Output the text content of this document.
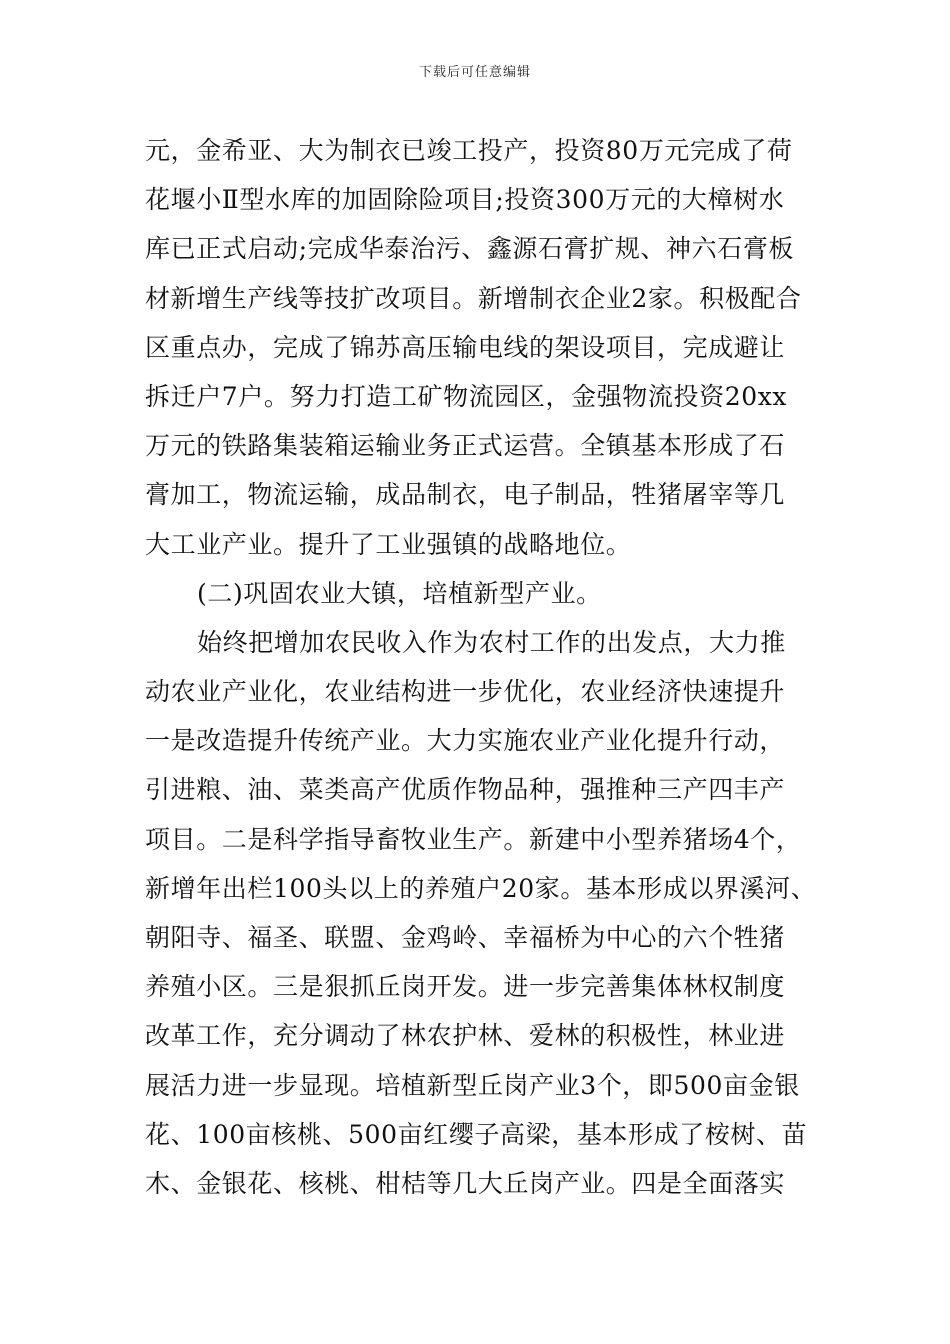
下载后可任意编辑
元，金希亚、大为制衣已竣工投产，投资80万元完成了荷
花堰小Ⅱ型水库的加固除险项目;投资300万元的大樟树水
库已正式启动;完成华泰治污、鑫源石膏扩规、神六石膏板
材新增生产线等技扩改项目。新增制衣企业2家。积极配合
区重点办，完成了锦苏高压输电线的架设项目，完成避让
拆迁户7户。努力打造工矿物流园区，金强物流投资20xx
万元的铁路集装箱运输业务正式运营。全镇基本形成了石
膏加工，物流运输，成品制衣，电子制品，牲猪屠宰等几
大工业产业。提升了工业强镇的战略地位。
(二)巩固农业大镇，培植新型产业。
始终把增加农民收入作为农村工作的出发点，大力推
动农业产业化，农业结构进一步优化，农业经济快速提升
一是改造提升传统产业。大力实施农业产业化提升行动，
引进粮、油、菜类高产优质作物品种，强推种三产四丰产
项目。二是科学指导畜牧业生产。新建中小型养猪场4个，
新增年出栏100头以上的养殖户20家。基本形成以界溪河、
朝阳寺、福圣、联盟、金鸡岭、幸福桥为中心的六个牲猪
养殖小区。三是狠抓丘岗开发。进一步完善集体林权制度
改革工作，充分调动了林农护林、爱林的积极性，林业进
展活力进一步显现。培植新型丘岗产业3个，即500亩金银
花、100亩核桃、500亩红缨子高梁，基本形成了桉树、苗
木、金银花、核桃、柑桔等几大丘岗产业。四是全面落实
